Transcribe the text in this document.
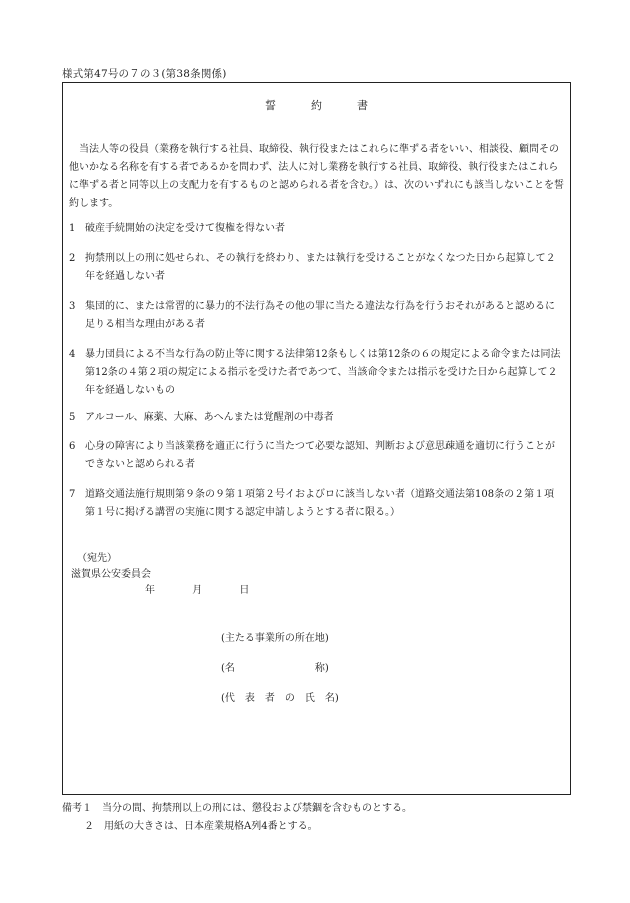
様式第47号の７の３(第38条関係)
誓　約　書
当法人等の役員（業務を執行する社員、取締役、執行役またはこれらに準ずる者をいい、相談役、顧問その他いかなる名称を有する者であるかを問わず、法人に対し業務を執行する社員、取締役、執行役またはこれらに準ずる者と同等以上の支配力を有するものと認められる者を含む。）は、次のいずれにも該当しないことを誓約します。
1 破産手続開始の決定を受けて復権を得ない者
2 拘禁刑以上の刑に処せられ、その執行を終わり、または執行を受けることがなくなつた日から起算して２年を経過しない者
3 集団的に、または常習的に暴力的不法行為その他の罪に当たる違法な行為を行うおそれがあると認めるに足りる相当な理由がある者
4 暴力団員による不当な行為の防止等に関する法律第12条もしくは第12条の６の規定による命令または同法第12条の４第２項の規定による指示を受けた者であつて、当該命令または指示を受けた日から起算して２年を経過しないもの
5 アルコール、麻薬、大麻、あへんまたは覚醒剤の中毒者
6 心身の障害により当該業務を適正に行うに当たつて必要な認知、判断および意思疎通を適切に行うことができないと認められる者
7 道路交通法施行規則第９条の９第１項第２号イおよびロに該当しない者（道路交通法第108条の２第１項第１号に掲げる講習の実施に関する認定申請しようとする者に限る。）
（宛先）
滋賀県公安委員会
年	月	日
(主たる事業所の所在地)
(名　　　　　　　　称)
(代　表　者　の　氏　名)
備考１　当分の間、拘禁刑以上の刑には、懲役および禁錮を含むものとする。
２　用紙の大きさは、日本産業規格A列4番とする。
